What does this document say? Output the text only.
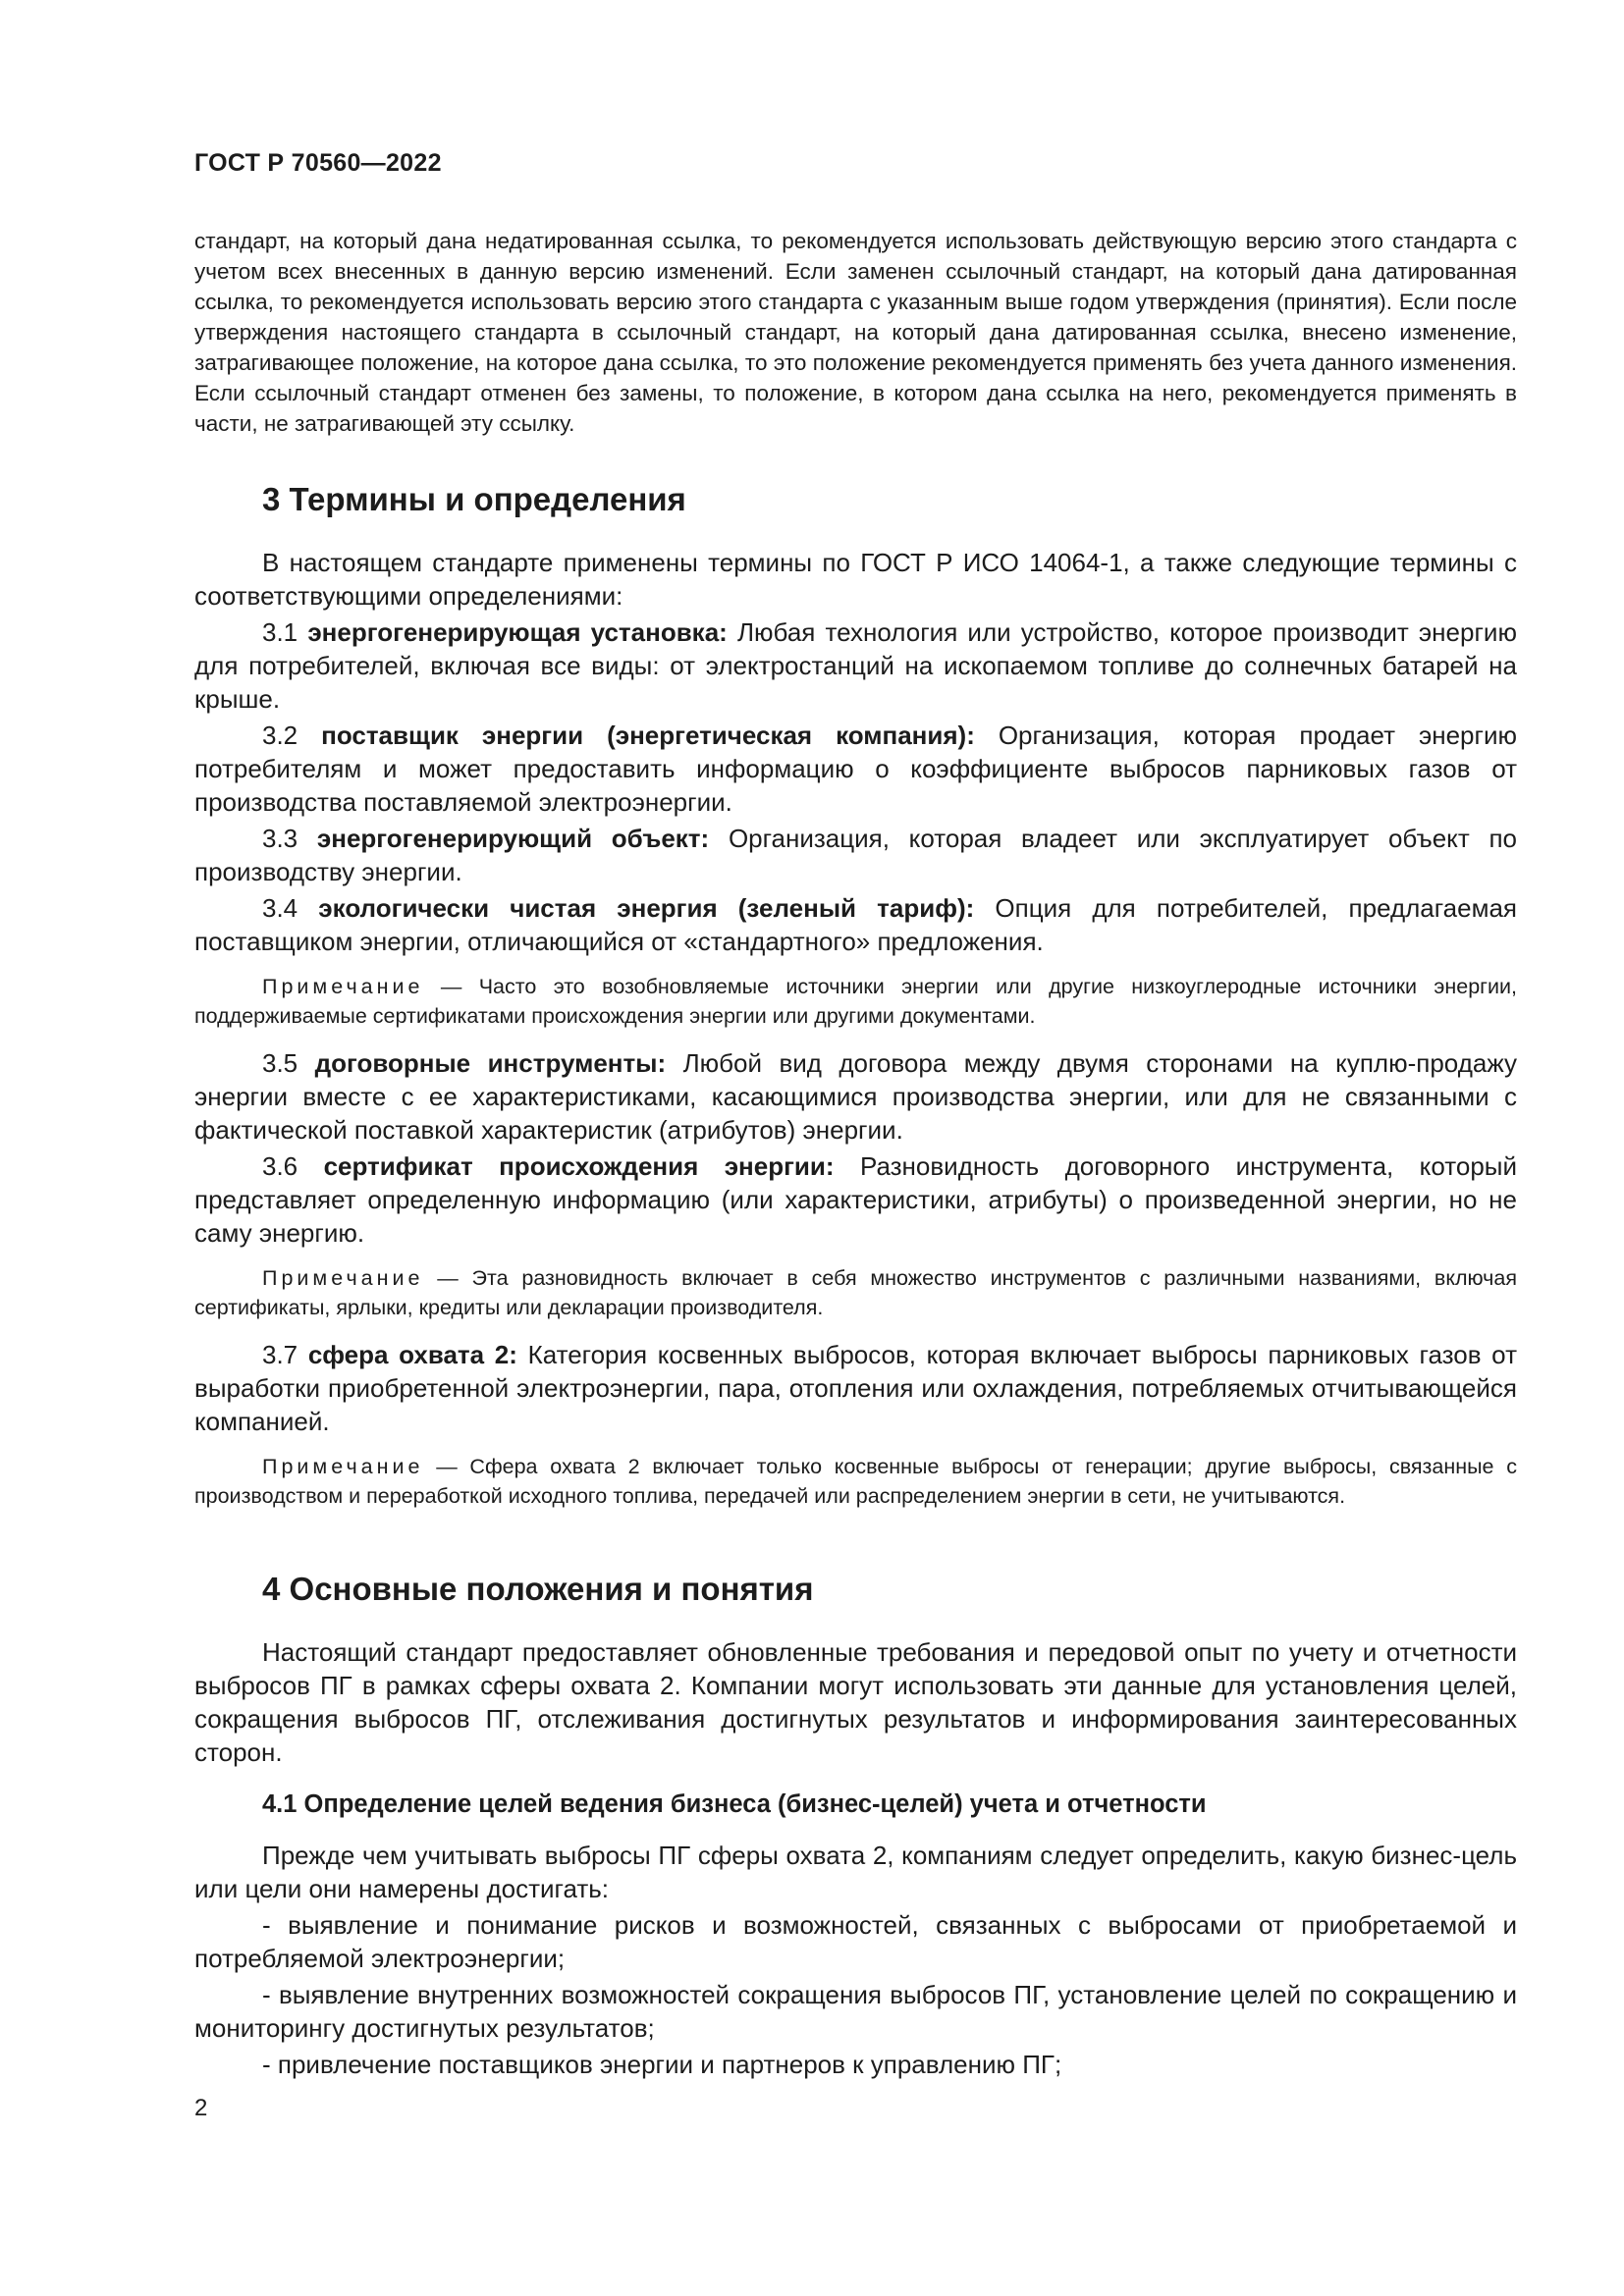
ГОСТ Р 70560—2022
стандарт, на который дана недатированная ссылка, то рекомендуется использовать действующую версию этого стандарта с учетом всех внесенных в данную версию изменений. Если заменен ссылочный стандарт, на который дана датированная ссылка, то рекомендуется использовать версию этого стандарта с указанным выше годом утверждения (принятия). Если после утверждения настоящего стандарта в ссылочный стандарт, на который дана датированная ссылка, внесено изменение, затрагивающее положение, на которое дана ссылка, то это положение рекомендуется применять без учета данного изменения. Если ссылочный стандарт отменен без замены, то положение, в котором дана ссылка на него, рекомендуется применять в части, не затрагивающей эту ссылку.
3 Термины и определения

В настоящем стандарте применены термины по ГОСТ Р ИСО 14064-1, а также следующие термины с соответствующими определениями:

3.1 энергогенерирующая установка: Любая технология или устройство, которое производит энергию для потребителей, включая все виды: от электростанций на ископаемом топливе до солнечных батарей на крыше.

3.2 поставщик энергии (энергетическая компания): Организация, которая продает энергию потребителям и может предоставить информацию о коэффициенте выбросов парниковых газов от производства поставляемой электроэнергии.

3.3 энергогенерирующий объект: Организация, которая владеет или эксплуатирует объект по производству энергии.

3.4 экологически чистая энергия (зеленый тариф): Опция для потребителей, предлагаемая поставщиком энергии, отличающийся от «стандартного» предложения.

Примечание — Часто это возобновляемые источники энергии или другие низкоуглеродные источники энергии, поддерживаемые сертификатами происхождения энергии или другими документами.

3.5 договорные инструменты: Любой вид договора между двумя сторонами на куплю-продажу энергии вместе с ее характеристиками, касающимися производства энергии, или для не связанными с фактической поставкой характеристик (атрибутов) энергии.

3.6 сертификат происхождения энергии: Разновидность договорного инструмента, который представляет определенную информацию (или характеристики, атрибуты) о произведенной энергии, но не саму энергию.

Примечание — Эта разновидность включает в себя множество инструментов с различными названиями, включая сертификаты, ярлыки, кредиты или декларации производителя.

3.7 сфера охвата 2: Категория косвенных выбросов, которая включает выбросы парниковых газов от выработки приобретенной электроэнергии, пара, отопления или охлаждения, потребляемых отчитывающейся компанией.

Примечание — Сфера охвата 2 включает только косвенные выбросы от генерации; другие выбросы, связанные с производством и переработкой исходного топлива, передачей или распределением энергии в сети, не учитываются.

4 Основные положения и понятия

Настоящий стандарт предоставляет обновленные требования и передовой опыт по учету и отчетности выбросов ПГ в рамках сферы охвата 2. Компании могут использовать эти данные для установления целей, сокращения выбросов ПГ, отслеживания достигнутых результатов и информирования заинтересованных сторон.

4.1 Определение целей ведения бизнеса (бизнес-целей) учета и отчетности

Прежде чем учитывать выбросы ПГ сферы охвата 2, компаниям следует определить, какую бизнес-цель или цели они намерены достигать:

- выявление и понимание рисков и возможностей, связанных с выбросами от приобретаемой и потребляемой электроэнергии;

- выявление внутренних возможностей сокращения выбросов ПГ, установление целей по сокращению и мониторингу достигнутых результатов;

- привлечение поставщиков энергии и партнеров к управлению ПГ;

2
